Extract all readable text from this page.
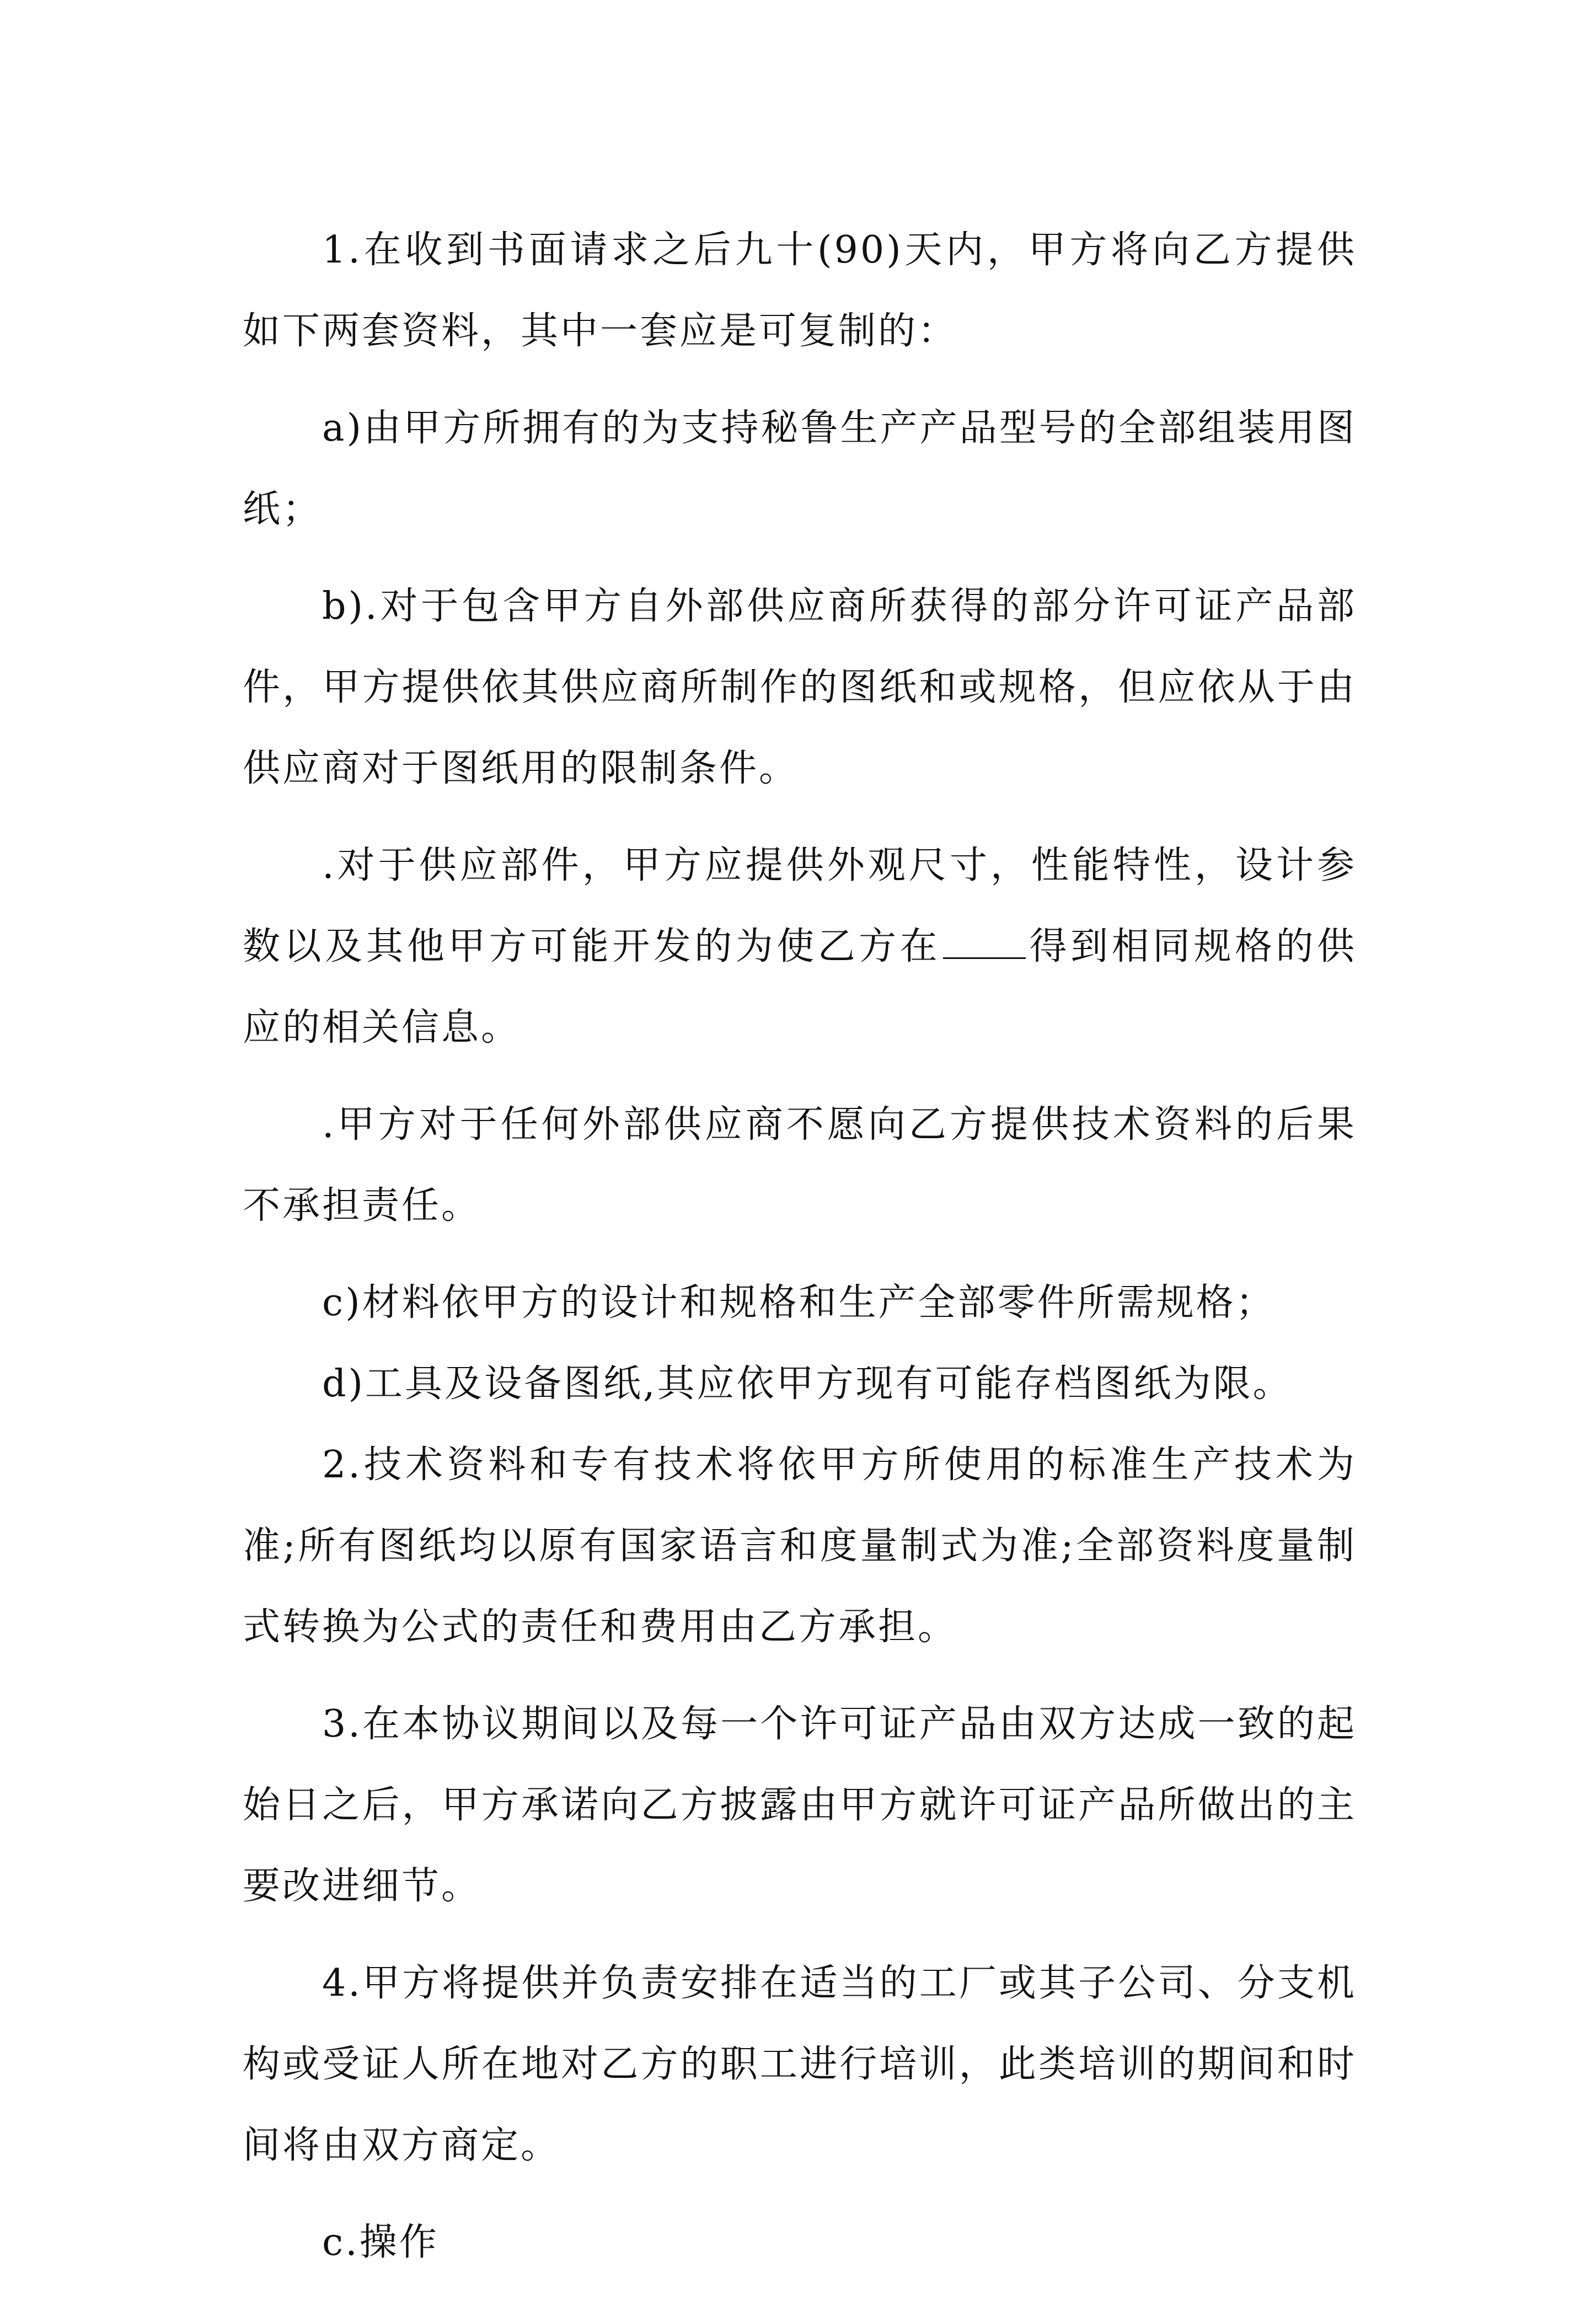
1.在收到书面请求之后九十(90)天内，甲方将向乙方提供如下两套资料，其中一套应是可复制的：

a)由甲方所拥有的为支持秘鲁生产产品型号的全部组装用图纸；

b).对于包含甲方自外部供应商所获得的部分许可证产品部件，甲方提供依其供应商所制作的图纸和或规格，但应依从于由供应商对于图纸用的限制条件。

.对于供应部件，甲方应提供外观尺寸，性能特性，设计参数以及其他甲方可能开发的为使乙方在 得到相同规格的供应的相关信息。

.甲方对于任何外部供应商不愿向乙方提供技术资料的后果不承担责任。

c)材料依甲方的设计和规格和生产全部零件所需规格；

d)工具及设备图纸,其应依甲方现有可能存档图纸为限。

2.技术资料和专有技术将依甲方所使用的标准生产技术为准;所有图纸均以原有国家语言和度量制式为准;全部资料度量制式转换为公式的责任和费用由乙方承担。

3.在本协议期间以及每一个许可证产品由双方达成一致的起始日之后，甲方承诺向乙方披露由甲方就许可证产品所做出的主要改进细节。

4.甲方将提供并负责安排在适当的工厂或其子公司、分支机构或受证人所在地对乙方的职工进行培训，此类培训的期间和时间将由双方商定。

c.操作
